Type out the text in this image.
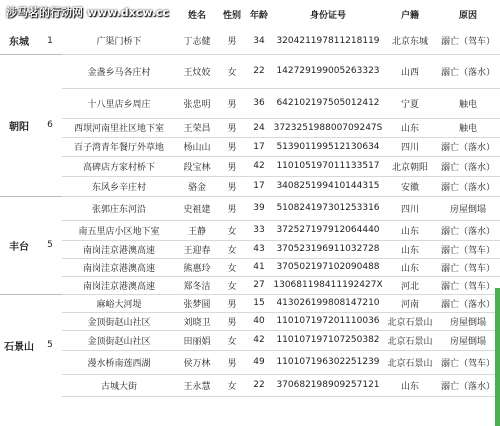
涉马茗的行动网 www.dxcw.cc
			姓名	性别	年龄	身份证号	户籍	原因
东城	1	广渠门桥下	丁志健	男	34	320421197811218119	北京东城	溺亡（驾车）
朝阳	6	金盏乡马各庄村	王炆姣	女	22	142729199005263323	山西	溺亡（落水）
		十八里店乡周庄	张忠明	男	36	642102197505012412	宁夏	触电
		西坝河南里社区地下室	王荣昌	男	24	372325198800709247S	山东	触电
		百子湾青年餐厅外草地	杨山山	男	17	513901199512130634	四川	溺亡（落水）
		高碑店方家村桥下	段宝林	男	42	110105197011133517	北京朝阳	溺亡（落水）
		东风乡辛庄村	骆金	男	17	340825199410144315	安徽	溺亡（落水）
丰台	5	张郭庄东河沿	史祖建	男	39	510824197301253316	四川	房屋倒塌
		南五里店小区地下室	王静	女	33	372527197912064440	山东	溺亡（落水）
		南岗洼京港澳高速	王迎春	女	43	370523196911032728	山东	溺亡（驾车）
		南岗洼京港澳高速	熊惠玲	女	41	370502197102090488	山东	溺亡（驾车）
		南岗洼京港澳高速	郑冬洁	女	27	130681198411192427X	河北	溺亡（驾车）
石景山	5	麻峪大河堤	张梦圆	男	15	413026199808147210	河南	溺亡（落水）
		金顶街赵山社区	刘晓卫	男	40	110107197201110036	北京石景山	房屋倒塌
		金顶街赵山社区	田丽娟	女	42	110107197107250382	北京石景山	房屋倒塌
		漫水桥南莲西湖	侯万林	男	49	110107196302251239	北京石景山	溺亡（驾车）
		古城大街	王永慧	女	22	370682198909257121	山东	溺亡（落水）
